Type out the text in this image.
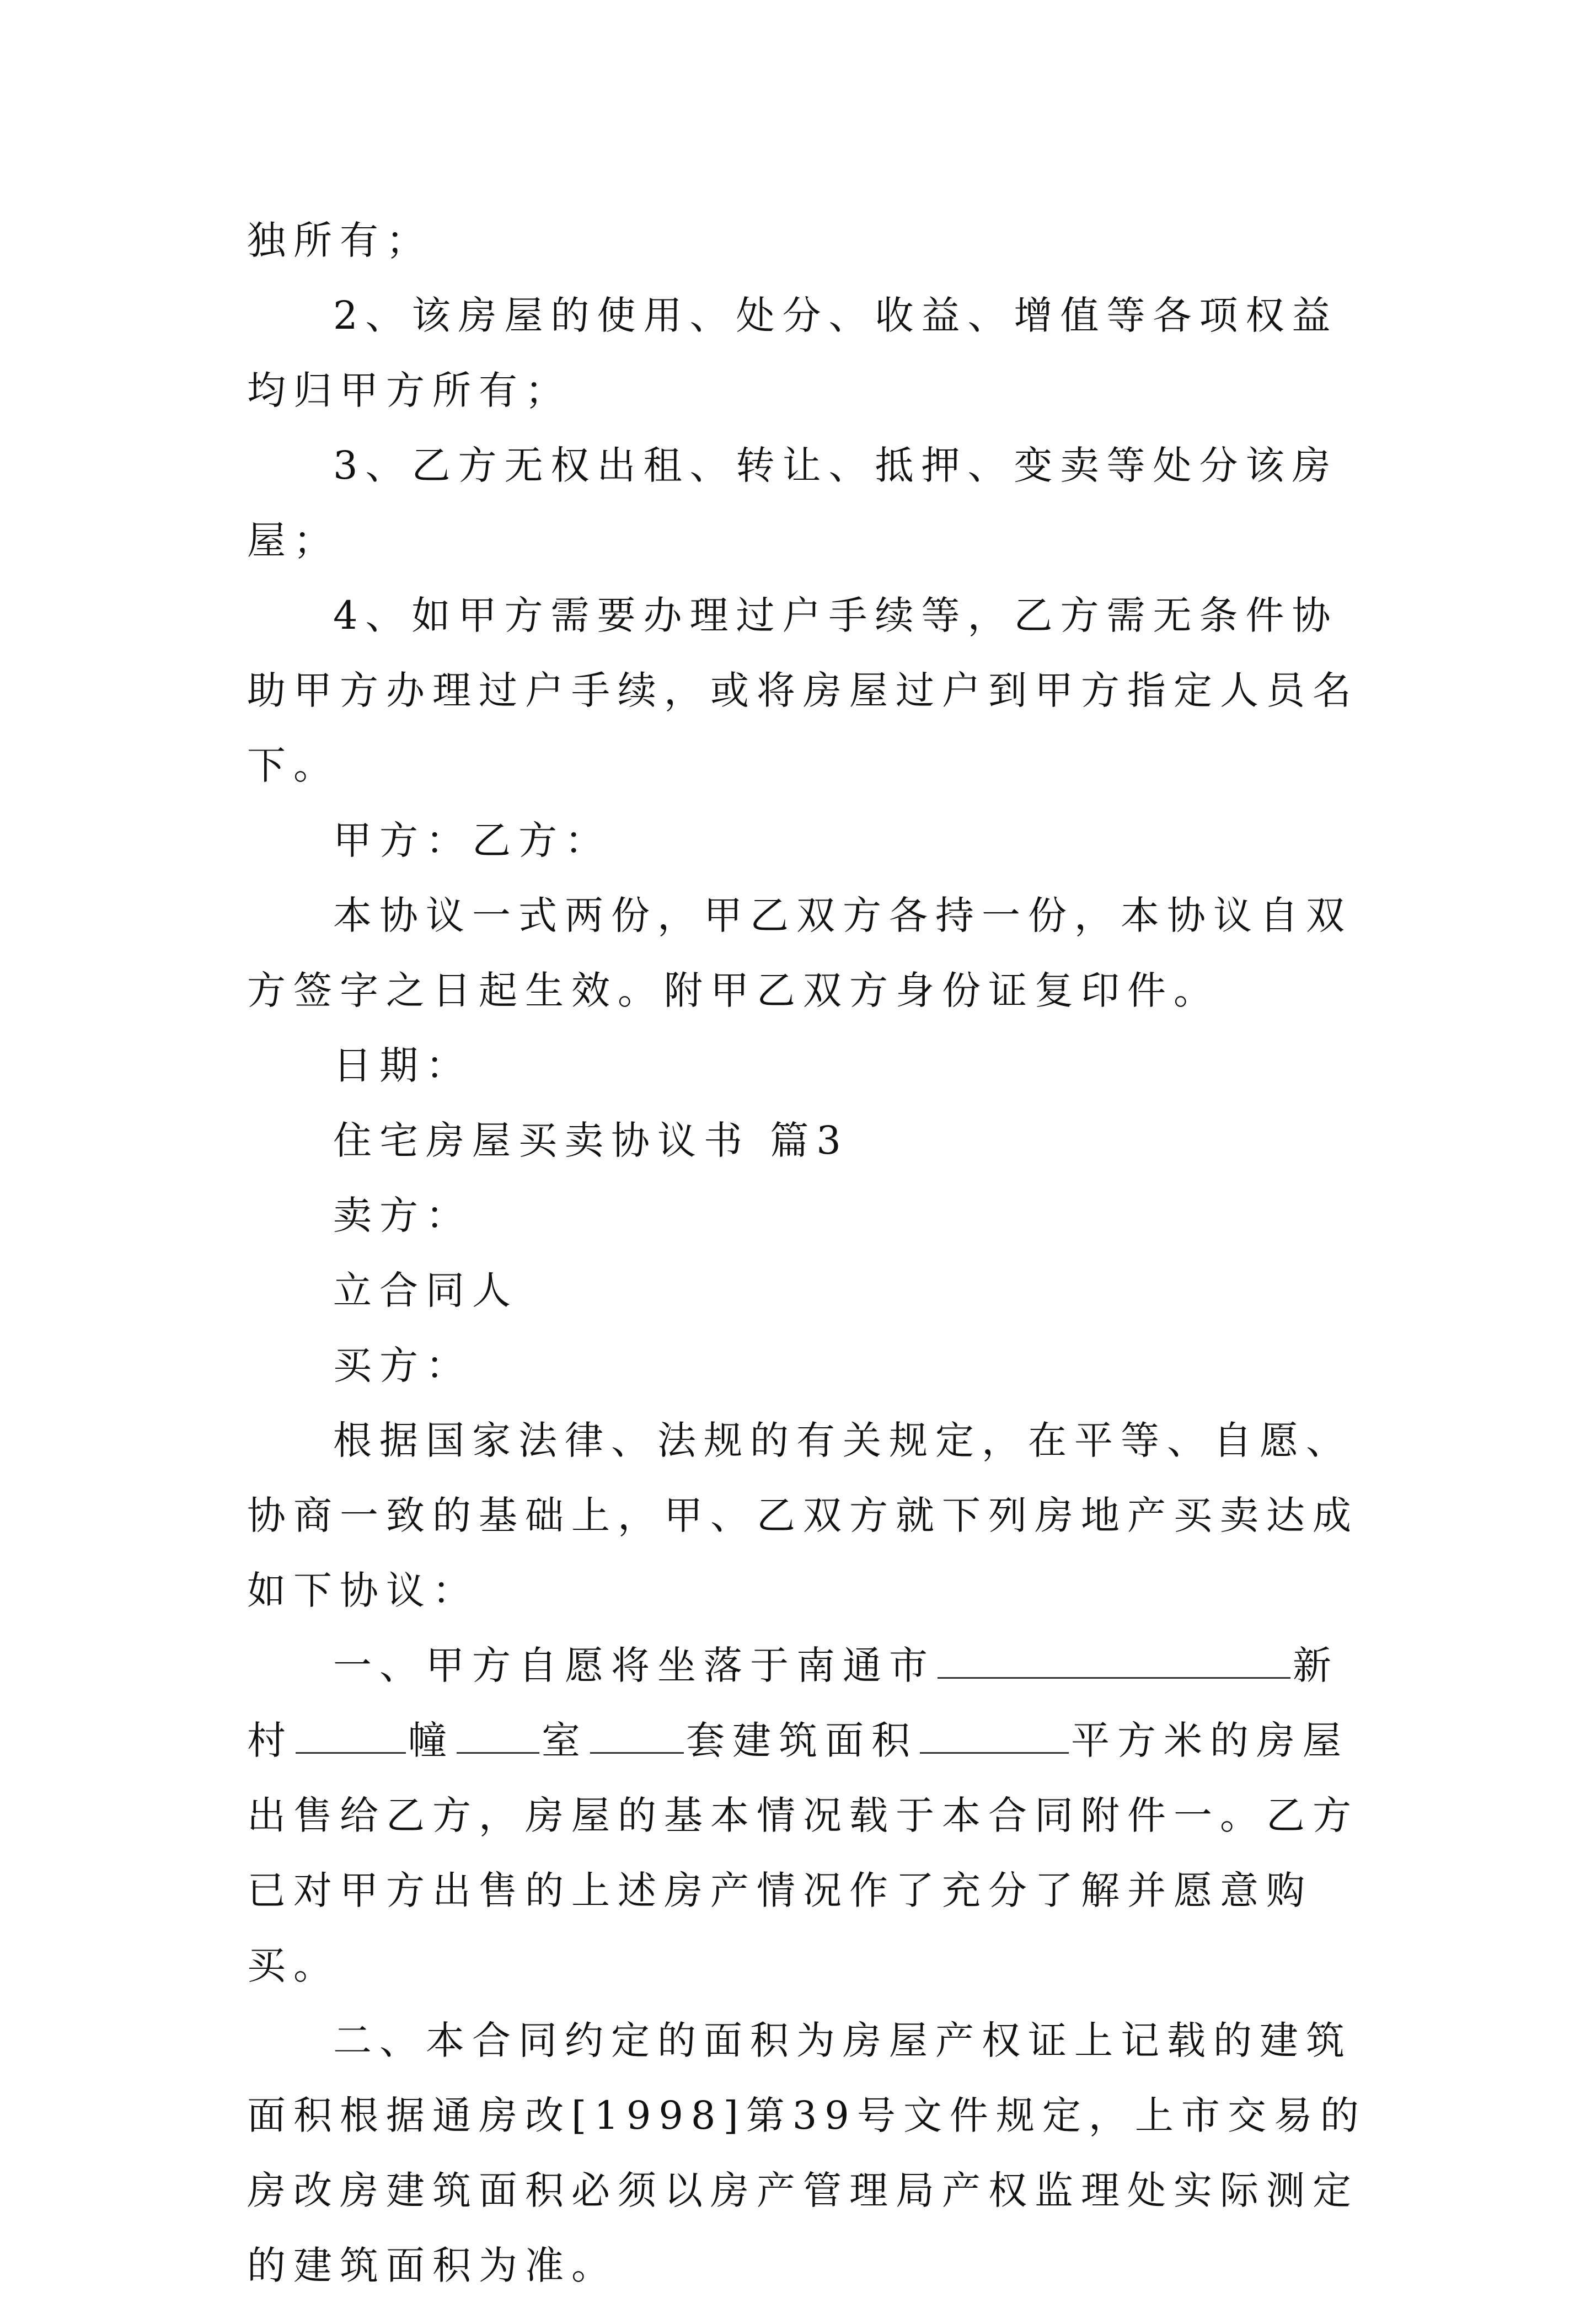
独所有；

2、该房屋的使用、处分、收益、增值等各项权益均归甲方所有；

3、乙方无权出租、转让、抵押、变卖等处分该房屋；

4、如甲方需要办理过户手续等，乙方需无条件协助甲方办理过户手续，或将房屋过户到甲方指定人员名下。

甲方：乙方：

本协议一式两份，甲乙双方各持一份，本协议自双方签字之日起生效。附甲乙双方身份证复印件。

日期：

住宅房屋买卖协议书 篇3

卖方：

立合同人

买方：

根据国家法律、法规的有关规定，在平等、自愿、协商一致的基础上，甲、乙双方就下列房地产买卖达成如下协议：

一、甲方自愿将坐落于南通市	新村	幢 室	套建筑面积	平方米的房屋出售给乙方，房屋的基本情况载于本合同附件一。乙方已对甲方出售的上述房产情况作了充分了解并愿意购买。

二、本合同约定的面积为房屋产权证上记载的建筑面积根据通房改[1998]第39号文件规定，上市交易的房改房建筑面积必须以房产管理局产权监理处实际测定的建筑面积为准。
